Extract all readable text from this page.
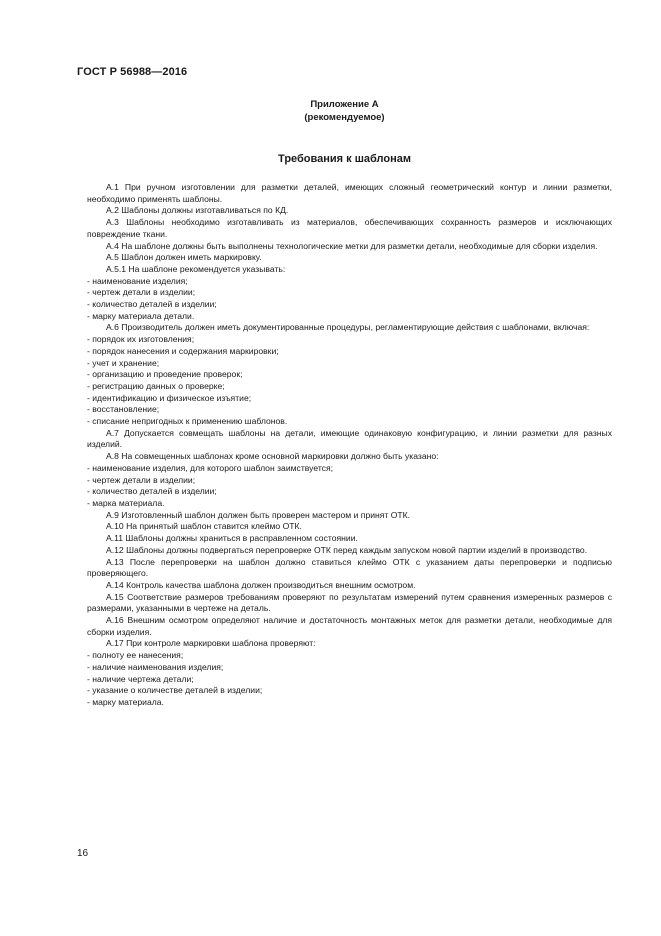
ГОСТ Р 56988—2016
Приложение А
(рекомендуемое)
Требования к шаблонам

А.1 При ручном изготовлении для разметки деталей, имеющих сложный геометрический контур и линии разметки, необходимо применять шаблоны.

А.2 Шаблоны должны изготавливаться по КД.

А.3 Шаблоны необходимо изготавливать из материалов, обеспечивающих сохранность размеров и исключающих повреждение ткани.

А.4 На шаблоне должны быть выполнены технологические метки для разметки детали, необходимые для сборки изделия.

А.5 Шаблон должен иметь маркировку.

А.5.1 На шаблоне рекомендуется указывать:

- наименование изделия;

- чертеж детали в изделии;

- количество деталей в изделии;

- марку материала детали.

А.6 Производитель должен иметь документированные процедуры, регламентирующие действия с шаблонами, включая:

- порядок их изготовления;

- порядок нанесения и содержания маркировки;

- учет и хранение;

- организацию и проведение проверок;

- регистрацию данных о проверке;

- идентификацию и физическое изъятие;

- восстановление;

- списание непригодных к применению шаблонов.

А.7 Допускается совмещать шаблоны на детали, имеющие одинаковую конфигурацию, и линии разметки для разных изделий.

А.8 На совмещенных шаблонах кроме основной маркировки должно быть указано:

- наименование изделия, для которого шаблон заимствуется;

- чертеж детали в изделии;

- количество деталей в изделии;

- марка материала.

А.9 Изготовленный шаблон должен быть проверен мастером и принят ОТК.

А.10 На принятый шаблон ставится клеймо ОТК.

А.11 Шаблоны должны храниться в расправленном состоянии.

А.12 Шаблоны должны подвергаться перепроверке ОТК перед каждым запуском новой партии изделий в производство.

А.13 После перепроверки на шаблон должно ставиться клеймо ОТК с указанием даты перепроверки и подписью проверяющего.

А.14 Контроль качества шаблона должен производиться внешним осмотром.

А.15 Соответствие размеров требованиям проверяют по результатам измерений путем сравнения измеренных размеров с размерами, указанными в чертеже на деталь.

А.16 Внешним осмотром определяют наличие и достаточность монтажных меток для разметки детали, необходимые для сборки изделия.

А.17 При контроле маркировки шаблона проверяют:

- полноту ее нанесения;

- наличие наименования изделия;

- наличие чертежа детали;

- указание о количестве деталей в изделии;

- марку материала.

16
